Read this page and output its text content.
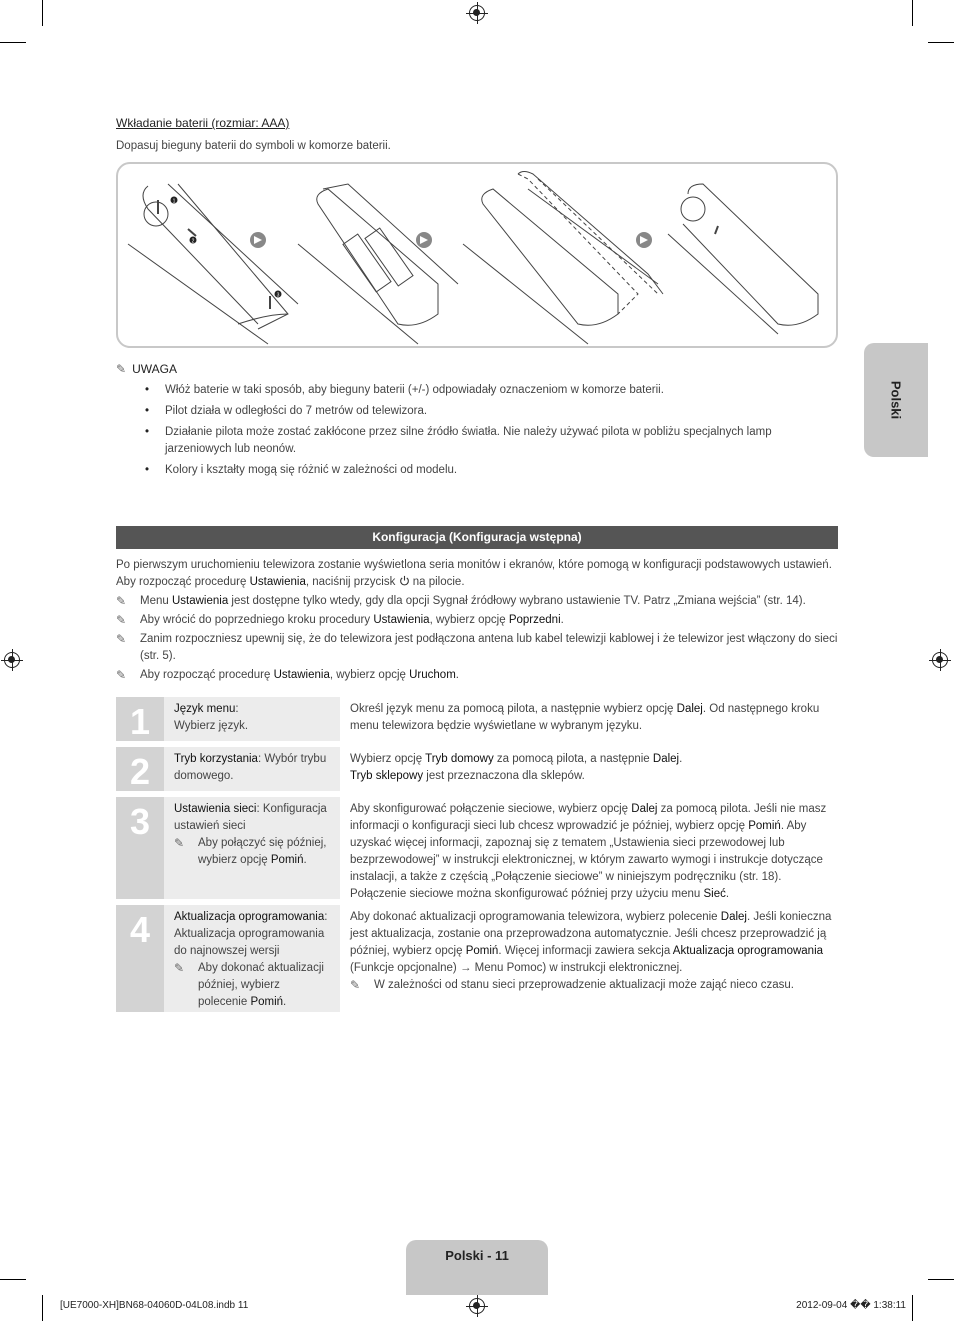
Polski
Wkładanie baterii (rozmiar: AAA)
Dopasuj bieguny baterii do symboli w komorze baterii.
1
2
3
✎ UWAGA
• Włóż baterie w taki sposób, aby bieguny baterii (+/-) odpowiadały oznaczeniom w komorze baterii.
• Pilot działa w odległości do 7 metrów od telewizora.
• Działanie pilota może zostać zakłócone przez silne źródło światła. Nie należy używać pilota w pobliżu specjalnych lamp jarzeniowych lub neonów.
• Kolory i kształty mogą się różnić w zależności od modelu.
Konfiguracja (Konfiguracja wstępna)
Po pierwszym uruchomieniu telewizora zostanie wyświetlona seria monitów i ekranów, które pomogą w konfiguracji podstawowych ustawień. Aby rozpocząć procedurę Ustawienia, naciśnij przycisk  na pilocie.
✎ Menu Ustawienia jest dostępne tylko wtedy, gdy dla opcji Sygnał źródłowy wybrano ustawienie TV. Patrz „Zmiana wejścia” (str. 14).
✎ Aby wrócić do poprzedniego kroku procedury Ustawienia, wybierz opcję Poprzedni.
✎ Zanim rozpoczniesz upewnij się, że do telewizora jest podłączona antena lub kabel telewizji kablowej i że telewizor jest włączony do sieci (str. 5).
✎ Aby rozpocząć procedurę Ustawienia, wybierz opcję Uruchom.
1	Język menu:
Wybierz język.
Określ język menu za pomocą pilota, a następnie wybierz opcję Dalej. Od następnego kroku menu telewizora będzie wyświetlane w wybranym języku.
2	Tryb korzystania: Wybór trybu domowego.
Wybierz opcję Tryb domowy za pomocą pilota, a następnie Dalej.
Tryb sklepowy jest przeznaczona dla sklepów.
3	Ustawienia sieci: Konfiguracja ustawień sieci
✎ Aby połączyć się później, wybierz opcję Pomiń.
Aby skonfigurować połączenie sieciowe, wybierz opcję Dalej za pomocą pilota. Jeśli nie masz informacji o konfiguracji sieci lub chcesz wprowadzić je później, wybierz opcję Pomiń. Aby uzyskać więcej informacji, zapoznaj się z tematem „Ustawienia sieci przewodowej lub bezprzewodowej” w instrukcji elektronicznej, w którym zawarto wymogi i instrukcje dotyczące instalacji, a także z częścią „Połączenie sieciowe” w niniejszym podręczniku (str. 18). Połączenie sieciowe można skonfigurować później przy użyciu menu Sieć.
4	Aktualizacja oprogramowania: Aktualizacja oprogramowania do najnowszej wersji
✎ Aby dokonać aktualizacji później, wybierz polecenie Pomiń.
Aby dokonać aktualizacji oprogramowania telewizora, wybierz polecenie Dalej. Jeśli konieczna jest aktualizacja, zostanie ona przeprowadzona automatycznie. Jeśli chcesz przeprowadzić ją później, wybierz opcję Pomiń. Więcej informacji zawiera sekcja Aktualizacja oprogramowania (Funkcje opcjonalne) → Menu Pomoc) w instrukcji elektronicznej.
✎ W zależności od stanu sieci przeprowadzenie aktualizacji może zająć nieco czasu.
Polski - 11
[UE7000-XH]BN68-04060D-04L08.indb 11	2012-09-04 �� 1:38:11
